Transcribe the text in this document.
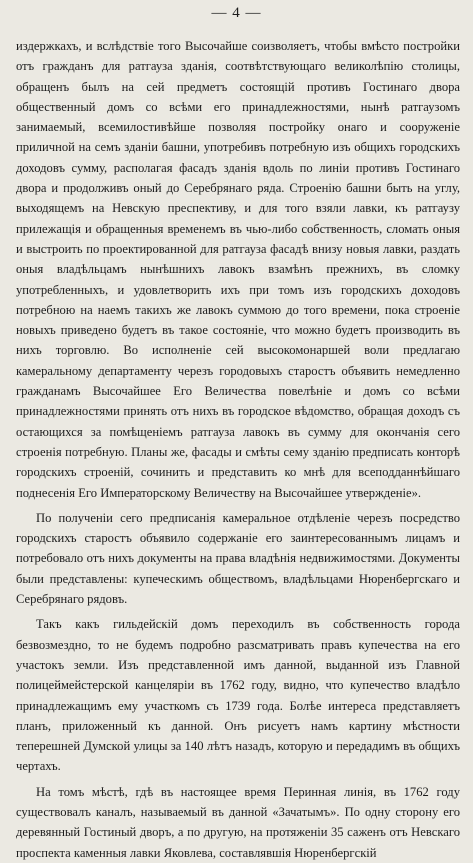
— 4 —

издержкахъ, и вслѣдствіе того Высочайше соизволяетъ, чтобы вмѣсто постройки отъ гражданъ для ратгауза зданія, соотвѣтствующаго великолѣпію столицы, обращенъ былъ на сей предметъ состоящій противъ Гостинаго двора общественный домъ со всѣми его принадлежностями, нынѣ ратгаузомъ занимаемый, всемилостивѣйше позволяя постройку онаго и сооруженіе приличной на семъ зданіи башни, употребивъ потребную изъ общихъ городскихъ доходовъ сумму, располагая фасадъ зданія вдоль по линіи противъ Гостинаго двора и продолживъ оный до Серебрянаго ряда. Строенію башни быть на углу, выходящемъ на Невскую преспективу, и для того взяли лавки, къ ратгаузу прилежащія и обращенныя временемъ въ чью-либо собственность, сломать оныя и выстроить по проектированной для ратгауза фасадѣ внизу новыя лавки, раздать оныя владѣльцамъ нынѣшнихъ лавокъ взамѣнъ прежнихъ, въ сломку употребленныхъ, и удовлетворить ихъ при томъ изъ городскихъ доходовъ потребною на наемъ такихъ же лавокъ суммою до того времени, пока строеніе новыхъ приведено будетъ въ такое состояніе, что можно будетъ производить въ нихъ торговлю. Во исполненіе сей высокомонаршей воли предлагаю камеральному департаменту черезъ городовыхъ старостъ объявить немедленно гражданамъ Высочайшее Его Величества повелѣніе и домъ со всѣми принадлежностями принять отъ нихъ въ городское вѣдомство, обращая доходъ съ остающихся за помѣщеніемъ ратгауза лавокъ въ сумму для окончанія сего строенія потребную. Планы же, фасады и смѣты сему зданію предписать конторѣ городскихъ строеній, сочинить и представить ко мнѣ для всеподданнѣйшаго поднесенія Его Императорскому Величеству на Высочайшее утвержденіе».

По полученіи сего предписанія камеральное отдѣленіе черезъ посредство городскихъ старостъ объявило содержаніе его заинтересованнымъ лицамъ и потребовало отъ нихъ документы на права владѣнія недвижимостями. Документы были представлены: купеческимъ обществомъ, владѣльцами Нюренбергскаго и Серебрянаго рядовъ.

Такъ какъ гильдейскій домъ переходилъ въ собственность города безвозмездно, то не будемъ подробно разсматривать правъ купечества на его участокъ земли. Изъ представленной имъ данной, выданной изъ Главной полицеймейстерской канцеляріи въ 1762 году, видно, что купечество владѣло принадлежащимъ ему участкомъ съ 1739 года. Болѣе интереса представляетъ планъ, приложенный къ данной. Онъ рисуетъ намъ картину мѣстности теперешней Думской улицы за 140 лѣтъ назадъ, которую и передадимъ въ общихъ чертахъ.

На томъ мѣстѣ, гдѣ въ настоящее время Перинная линія, въ 1762 году существовалъ каналъ, называемый въ данной «Зачатымъ». По одну сторону его деревянный Гостиный дворъ, а по другую, на протяженіи 35 саженъ отъ Невскаго проспекта каменныя лавки Яковлева, составлявшія Нюренбергскій
